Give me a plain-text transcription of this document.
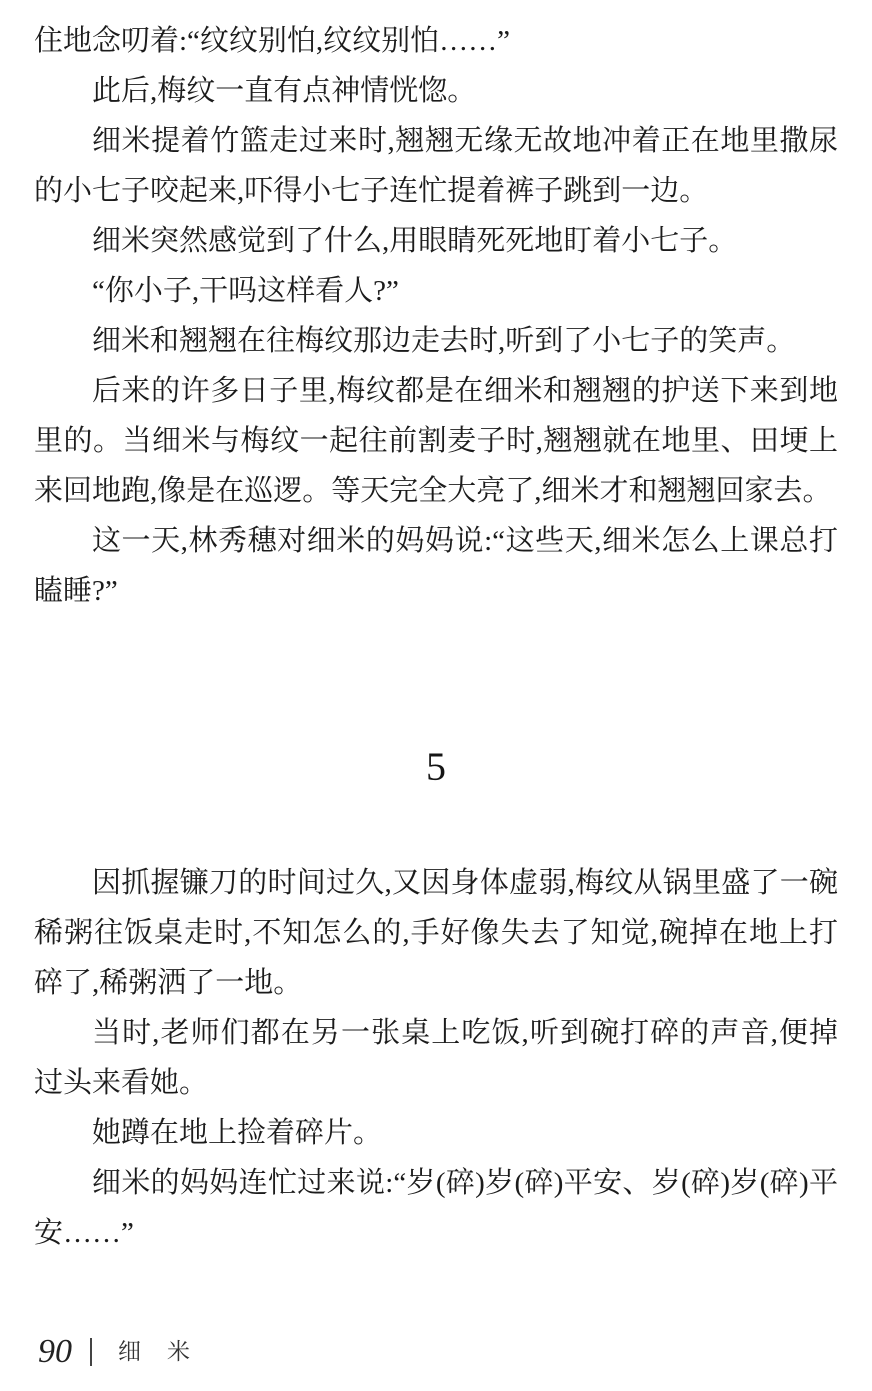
住地念叨着:“纹纹别怕,纹纹别怕……”

此后,梅纹一直有点神情恍惚。

细米提着竹篮走过来时,翘翘无缘无故地冲着正在地里撒尿的小七子咬起来,吓得小七子连忙提着裤子跳到一边。

细米突然感觉到了什么,用眼睛死死地盯着小七子。

“你小子,干吗这样看人?”

细米和翘翘在往梅纹那边走去时,听到了小七子的笑声。

后来的许多日子里,梅纹都是在细米和翘翘的护送下来到地里的。当细米与梅纹一起往前割麦子时,翘翘就在地里、田埂上来回地跑,像是在巡逻。等天完全大亮了,细米才和翘翘回家去。

这一天,林秀穗对细米的妈妈说:“这些天,细米怎么上课总打瞌睡?”

5

因抓握镰刀的时间过久,又因身体虚弱,梅纹从锅里盛了一碗稀粥往饭桌走时,不知怎么的,手好像失去了知觉,碗掉在地上打碎了,稀粥洒了一地。

当时,老师们都在另一张桌上吃饭,听到碗打碎的声音,便掉过头来看她。

她蹲在地上捡着碎片。

细米的妈妈连忙过来说:“岁(碎)岁(碎)平安、岁(碎)岁(碎)平安……”

90 细米
